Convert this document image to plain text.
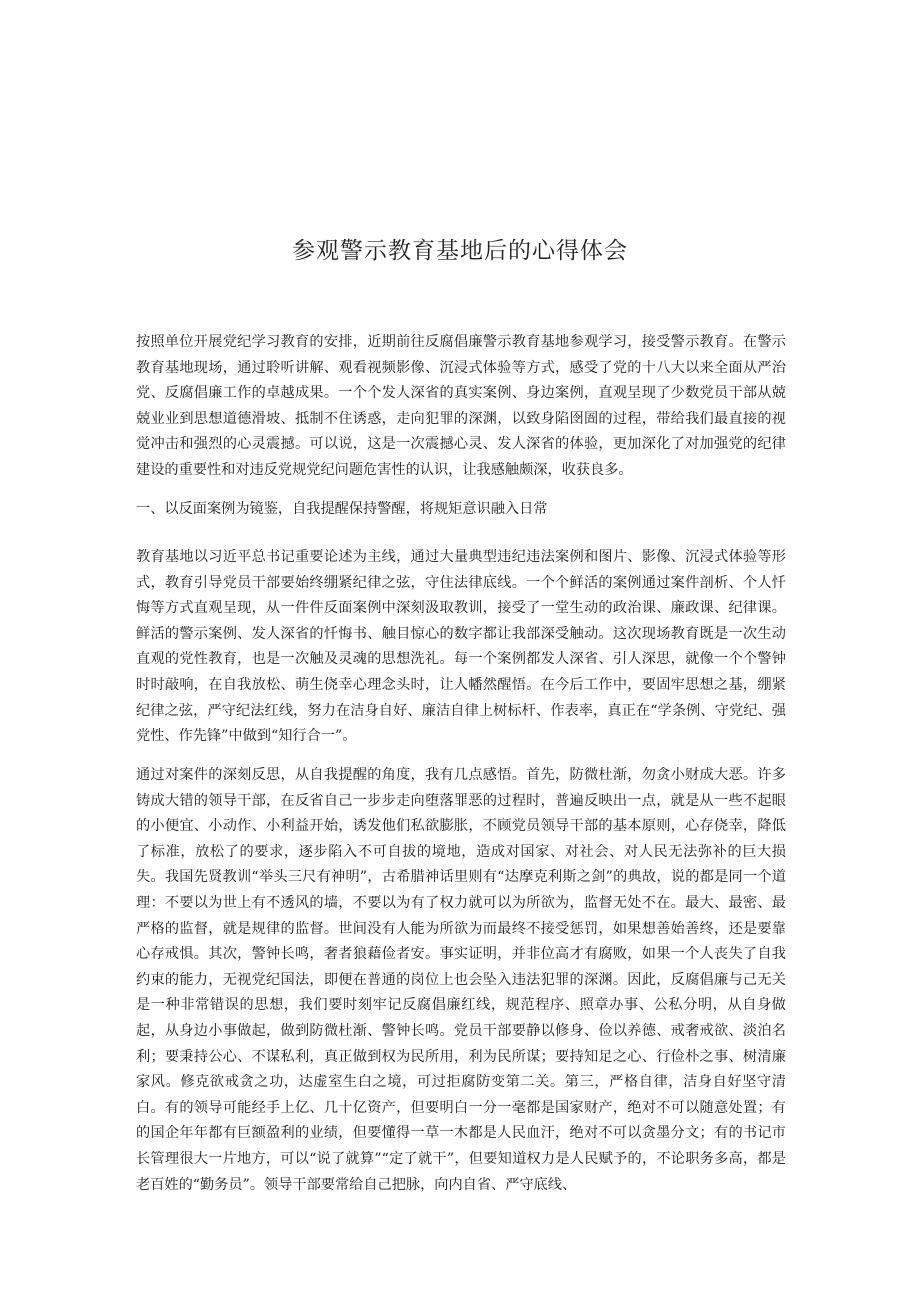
参观警示教育基地后的心得体会

按照单位开展党纪学习教育的安排，近期前往反腐倡廉警示教育基地参观学习，接受警示教育。在警示教育基地现场，通过聆听讲解、观看视频影像、沉浸式体验等方式，感受了党的十八大以来全面从严治党、反腐倡廉工作的卓越成果。一个个发人深省的真实案例、身边案例，直观呈现了少数党员干部从兢兢业业到思想道德滑坡、抵制不住诱惑，走向犯罪的深渊，以致身陷囹圄的过程，带给我们最直接的视觉冲击和强烈的心灵震撼。可以说，这是一次震撼心灵、发人深省的体验，更加深化了对加强党的纪律建设的重要性和对违反党规党纪问题危害性的认识，让我感触颇深，收获良多。

一、以反面案例为镜鉴，自我提醒保持警醒，将规矩意识融入日常

教育基地以习近平总书记重要论述为主线，通过大量典型违纪违法案例和图片、影像、沉浸式体验等形式，教育引导党员干部要始终绷紧纪律之弦，守住法律底线。一个个鲜活的案例通过案件剖析、个人忏悔等方式直观呈现，从一件件反面案例中深刻汲取教训，接受了一堂生动的政治课、廉政课、纪律课。鲜活的警示案例、发人深省的忏悔书、触目惊心的数字都让我部深受触动。这次现场教育既是一次生动直观的党性教育，也是一次触及灵魂的思想洗礼。每一个案例都发人深省、引人深思，就像一个个警钟时时敲响，在自我放松、萌生侥幸心理念头时，让人幡然醒悟。在今后工作中，要固牢思想之基，绷紧纪律之弦，严守纪法红线，努力在洁身自好、廉洁自律上树标杆、作表率，真正在“学条例、守党纪、强党性、作先锋”中做到“知行合一”。

通过对案件的深刻反思，从自我提醒的角度，我有几点感悟。首先，防微杜渐，勿贪小财成大恶。许多铸成大错的领导干部，在反省自己一步步走向堕落罪恶的过程时，普遍反映出一点，就是从一些不起眼的小便宜、小动作、小利益开始，诱发他们私欲膨胀，不顾党员领导干部的基本原则，心存侥幸，降低了标准，放松了的要求，逐步陷入不可自拔的境地，造成对国家、对社会、对人民无法弥补的巨大损失。我国先贤教训“举头三尺有神明”，古希腊神话里则有“达摩克利斯之剑”的典故，说的都是同一个道理：不要以为世上有不透风的墙，不要以为有了权力就可以为所欲为，监督无处不在。最大、最密、最严格的监督，就是规律的监督。世间没有人能为所欲为而最终不接受惩罚，如果想善始善终，还是要靠心存戒惧。其次，警钟长鸣，奢者狼藉俭者安。事实证明，并非位高才有腐败，如果一个人丧失了自我约束的能力，无视党纪国法，即便在普通的岗位上也会坠入违法犯罪的深渊。因此，反腐倡廉与己无关是一种非常错误的思想，我们要时刻牢记反腐倡廉红线，规范程序、照章办事、公私分明，从自身做起，从身边小事做起，做到防微杜渐、警钟长鸣。党员干部要静以修身、俭以养德、戒奢戒欲、淡泊名利；要秉持公心、不谋私利，真正做到权为民所用，利为民所谋；要持知足之心、行俭朴之事、树清廉家风。修克欲戒贪之功，达虚室生白之境，可过拒腐防变第二关。第三，严格自律，洁身自好坚守清白。有的领导可能经手上亿、几十亿资产，但要明白一分一毫都是国家财产，绝对不可以随意处置；有的国企年年都有巨额盈利的业绩，但要懂得一草一木都是人民血汗，绝对不可以贪墨分文；有的书记市长管理很大一片地方，可以“说了就算”“定了就干”，但要知道权力是人民赋予的，不论职务多高，都是老百姓的“勤务员”。领导干部要常给自己把脉，向内自省、严守底线、
